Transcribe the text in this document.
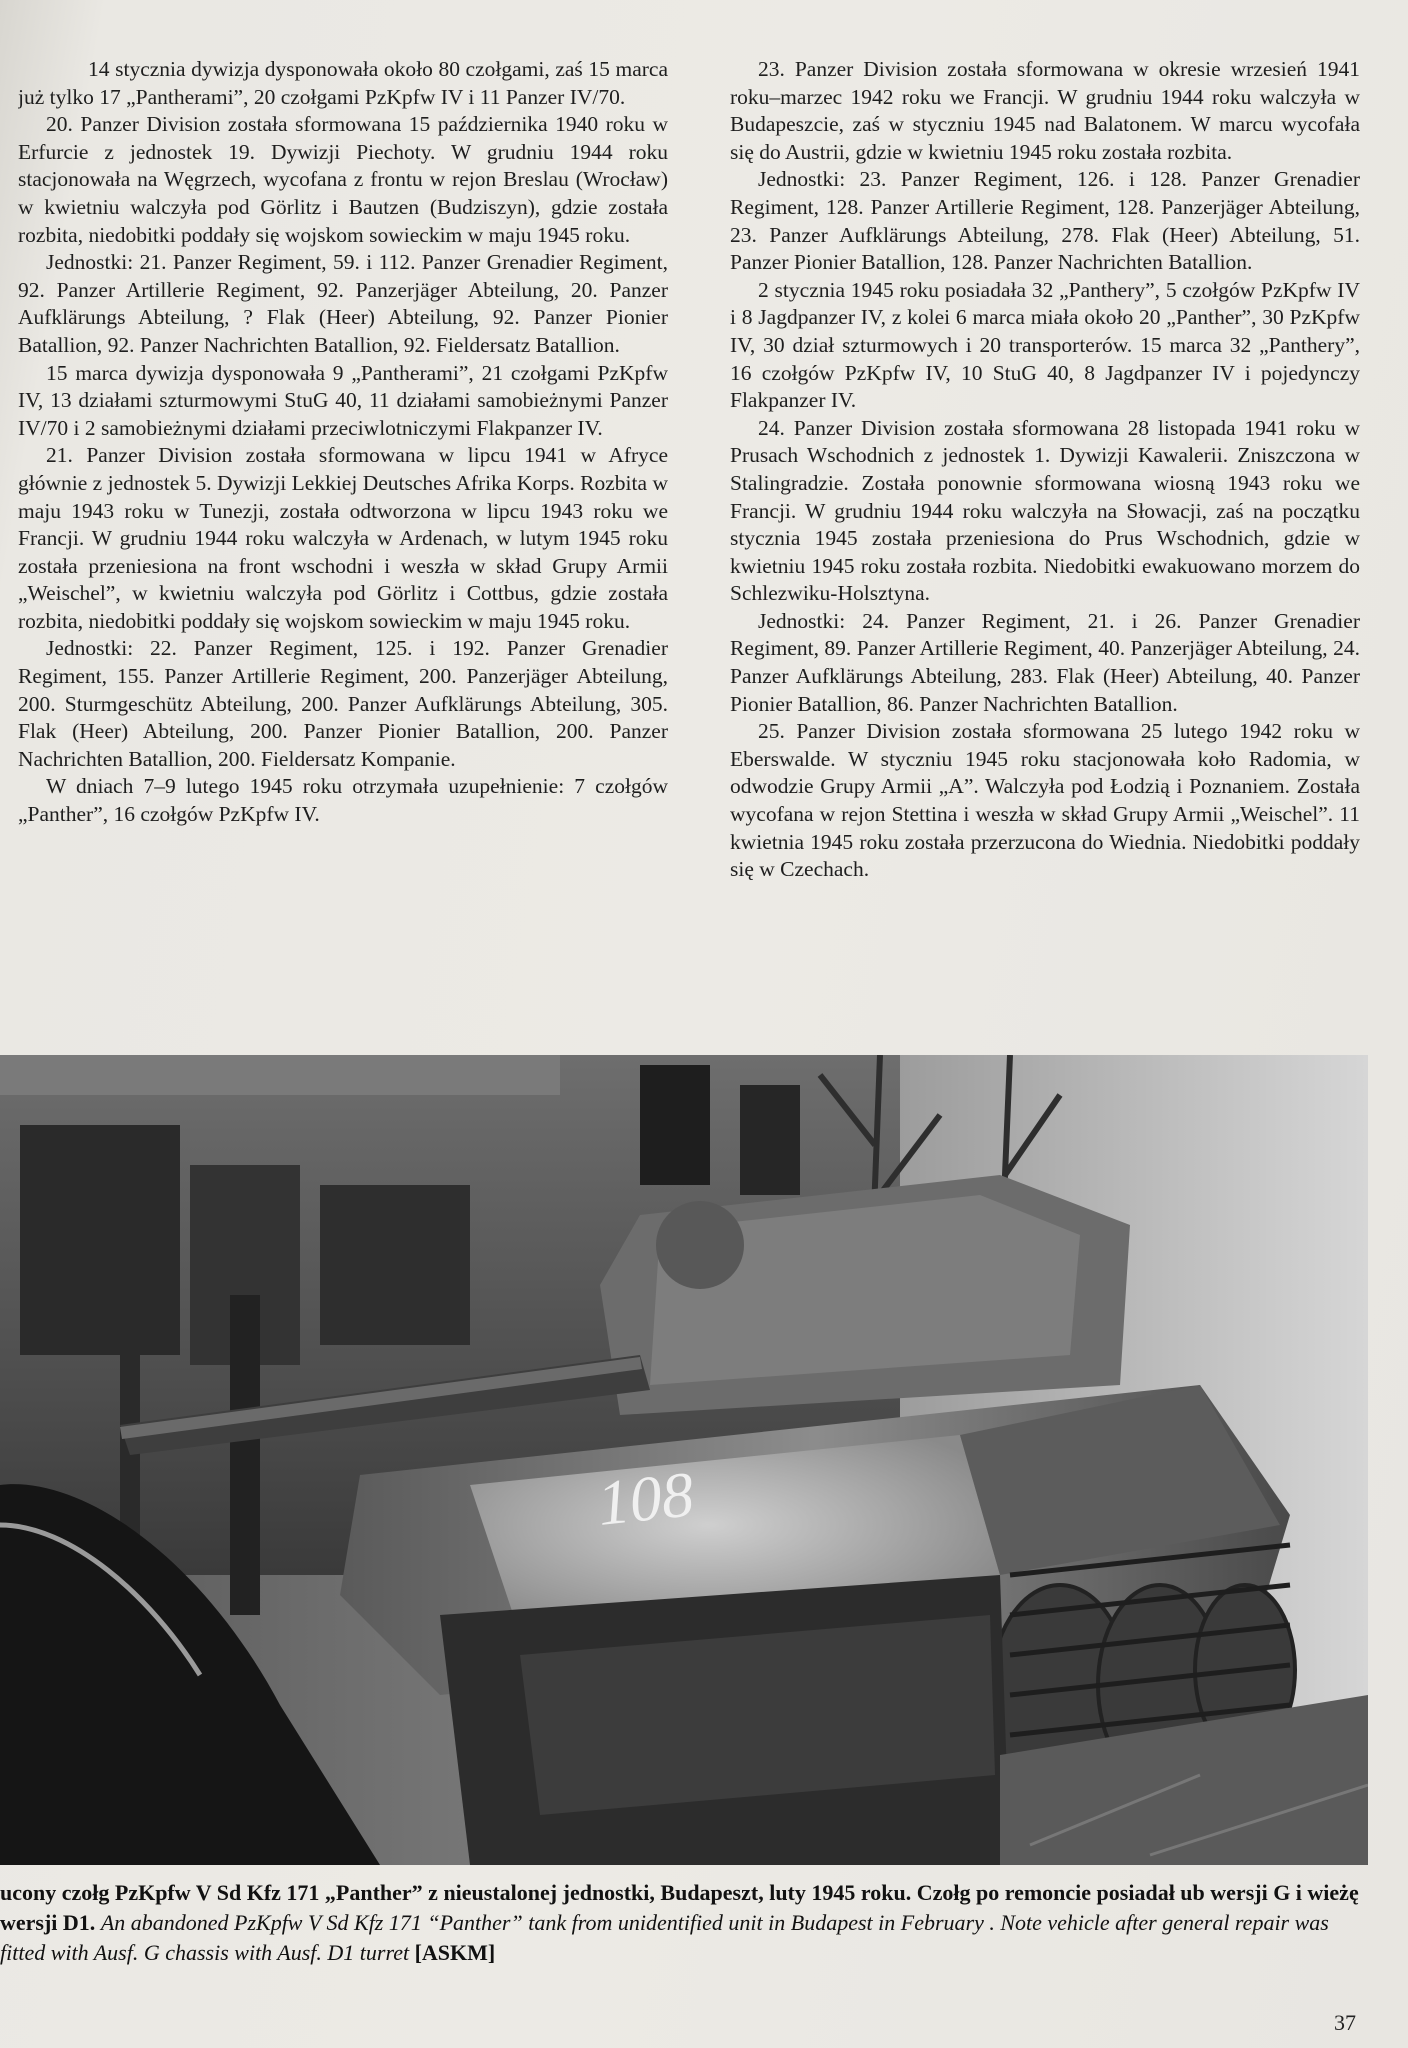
14 stycznia dywizja dysponowała około 80 czołgami, zaś 15 marca już tylko 17 „Pantherami”, 20 czołgami PzKpfw IV i 11 Panzer IV/70.

20. Panzer Division została sformowana 15 października 1940 roku w Erfurcie z jednostek 19. Dywizji Piechoty. W grudniu 1944 roku stacjonowała na Węgrzech, wycofana z frontu w rejon Breslau (Wrocław) w kwietniu walczyła pod Görlitz i Bautzen (Budziszyn), gdzie została rozbita, niedobitki poddały się wojskom sowieckim w maju 1945 roku.

Jednostki: 21. Panzer Regiment, 59. i 112. Panzer Grenadier Regiment, 92. Panzer Artillerie Regiment, 92. Panzerjäger Abteilung, 20. Panzer Aufklärungs Abteilung, ? Flak (Heer) Abteilung, 92. Panzer Pionier Batallion, 92. Panzer Nachrichten Batallion, 92. Fieldersatz Batallion.

15 marca dywizja dysponowała 9 „Pantherami”, 21 czołgami PzKpfw IV, 13 działami szturmowymi StuG 40, 11 działami samobieżnymi Panzer IV/70 i 2 samobieżnymi działami przeciwlotniczymi Flakpanzer IV.

21. Panzer Division została sformowana w lipcu 1941 w Afryce głównie z jednostek 5. Dywizji Lekkiej Deutsches Afrika Korps. Rozbita w maju 1943 roku w Tunezji, została odtworzona w lipcu 1943 roku we Francji. W grudniu 1944 roku walczyła w Ardenach, w lutym 1945 roku została przeniesiona na front wschodni i weszła w skład Grupy Armii „Weischel”, w kwietniu walczyła pod Görlitz i Cottbus, gdzie została rozbita, niedobitki poddały się wojskom sowieckim w maju 1945 roku.

Jednostki: 22. Panzer Regiment, 125. i 192. Panzer Grenadier Regiment, 155. Panzer Artillerie Regiment, 200. Panzerjäger Abteilung, 200. Sturmgeschütz Abteilung, 200. Panzer Aufklärungs Abteilung, 305. Flak (Heer) Abteilung, 200. Panzer Pionier Batallion, 200. Panzer Nachrichten Batallion, 200. Fieldersatz Kompanie.

W dniach 7–9 lutego 1945 roku otrzymała uzupełnienie: 7 czołgów „Panther”, 16 czołgów PzKpfw IV.

23. Panzer Division została sformowana w okresie wrzesień 1941 roku–marzec 1942 roku we Francji. W grudniu 1944 roku walczyła w Budapeszcie, zaś w styczniu 1945 nad Balatonem. W marcu wycofała się do Austrii, gdzie w kwietniu 1945 roku została rozbita.

Jednostki: 23. Panzer Regiment, 126. i 128. Panzer Grenadier Regiment, 128. Panzer Artillerie Regiment, 128. Panzerjäger Abteilung, 23. Panzer Aufklärungs Abteilung, 278. Flak (Heer) Abteilung, 51. Panzer Pionier Batallion, 128. Panzer Nachrichten Batallion.

2 stycznia 1945 roku posiadała 32 „Panthery”, 5 czołgów PzKpfw IV i 8 Jagdpanzer IV, z kolei 6 marca miała około 20 „Panther”, 30 PzKpfw IV, 30 dział szturmowych i 20 transporterów. 15 marca 32 „Panthery”, 16 czołgów PzKpfw IV, 10 StuG 40, 8 Jagdpanzer IV i pojedynczy Flakpanzer IV.

24. Panzer Division została sformowana 28 listopada 1941 roku w Prusach Wschodnich z jednostek 1. Dywizji Kawalerii. Zniszczona w Stalingradzie. Została ponownie sformowana wiosną 1943 roku we Francji. W grudniu 1944 roku walczyła na Słowacji, zaś na początku stycznia 1945 została przeniesiona do Prus Wschodnich, gdzie w kwietniu 1945 roku została rozbita. Niedobitki ewakuowano morzem do Schlezwiku-Holsztyna.

Jednostki: 24. Panzer Regiment, 21. i 26. Panzer Grenadier Regiment, 89. Panzer Artillerie Regiment, 40. Panzerjäger Abteilung, 24. Panzer Aufklärungs Abteilung, 283. Flak (Heer) Abteilung, 40. Panzer Pionier Batallion, 86. Panzer Nachrichten Batallion.

25. Panzer Division została sformowana 25 lutego 1942 roku w Eberswalde. W styczniu 1945 roku stacjonowała koło Radomia, w odwodzie Grupy Armii „A”. Walczyła pod Łodzią i Poznaniem. Została wycofana w rejon Stettina i weszła w skład Grupy Armii „Weischel”. 11 kwietnia 1945 roku została przerzucona do Wiednia. Niedobitki poddały się w Czechach.

108

ucony czołg PzKpfw V Sd Kfz 171 „Panther” z nieustalonej jednostki, Budapeszt, luty 1945 roku. Czołg po remoncie posiadał ub wersji G i wieżę wersji D1. An abandoned PzKpfw V Sd Kfz 171 “Panther” tank from unidentified unit in Budapest in February . Note vehicle after general repair was fitted with Ausf. G chassis with Ausf. D1 turret [ASKM]

37
